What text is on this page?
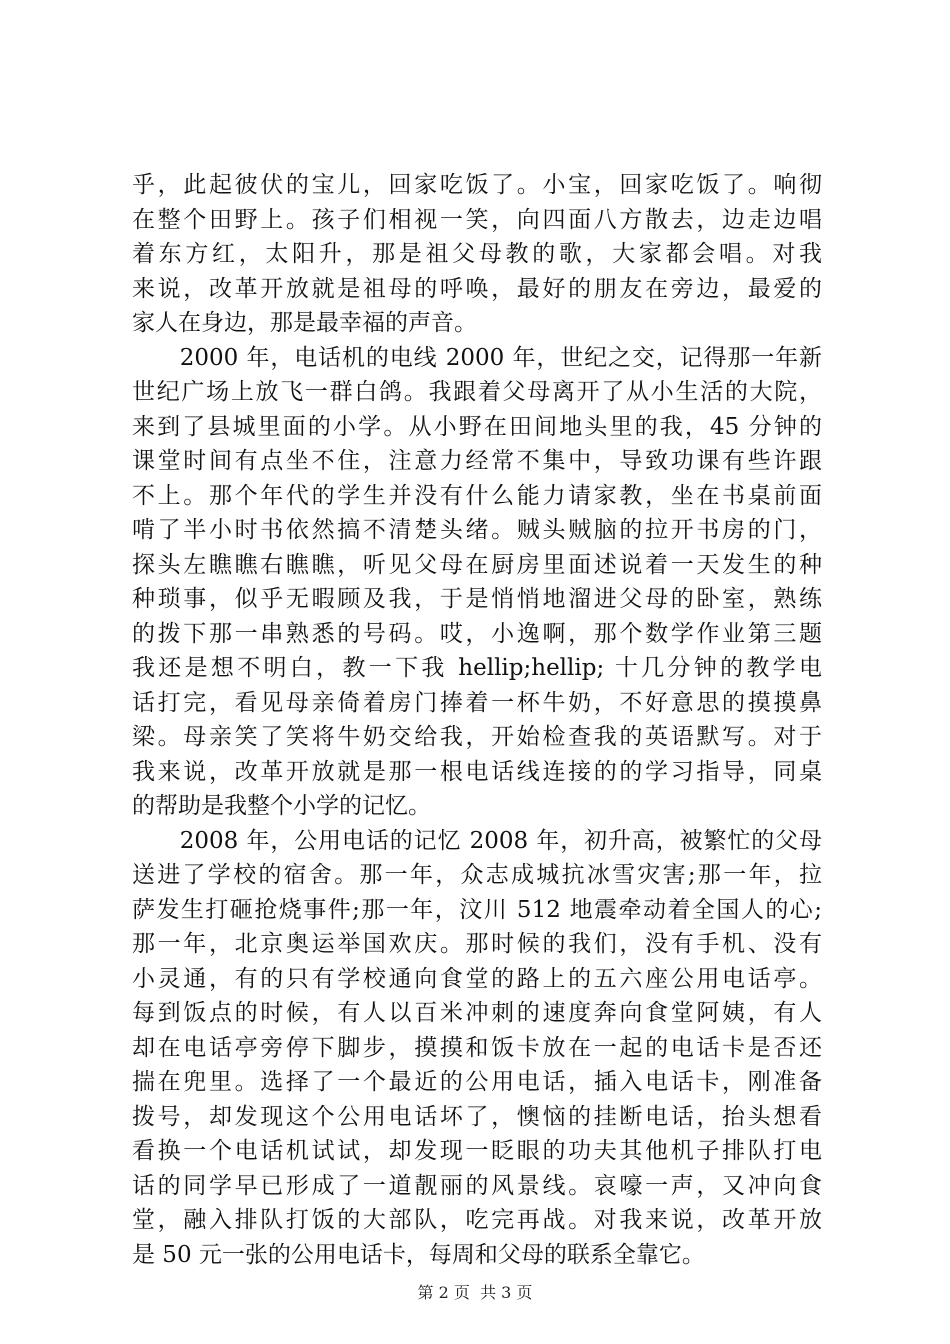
乎，此起彼伏的宝儿，回家吃饭了。小宝，回家吃饭了。响彻
在整个田野上。孩子们相视一笑，向四面八方散去，边走边唱
着东方红，太阳升，那是祖父母教的歌，大家都会唱。对我
来说，改革开放就是祖母的呼唤，最好的朋友在旁边，最爱的
家人在身边，那是最幸福的声音。
　　2000 年，电话机的电线 2000 年，世纪之交，记得那一年新
世纪广场上放飞一群白鸽。我跟着父母离开了从小生活的大院，
来到了县城里面的小学。从小野在田间地头里的我，45 分钟的
课堂时间有点坐不住，注意力经常不集中，导致功课有些许跟
不上。那个年代的学生并没有什么能力请家教，坐在书桌前面
啃了半小时书依然搞不清楚头绪。贼头贼脑的拉开书房的门，
探头左瞧瞧右瞧瞧，听见父母在厨房里面述说着一天发生的种
种琐事，似乎无暇顾及我，于是悄悄地溜进父母的卧室，熟练
的拨下那一串熟悉的号码。哎，小逸啊，那个数学作业第三题
我还是想不明白，教一下我 hellip;hellip; 十几分钟的教学电
话打完，看见母亲倚着房门捧着一杯牛奶，不好意思的摸摸鼻
梁。母亲笑了笑将牛奶交给我，开始检查我的英语默写。对于
我来说，改革开放就是那一根电话线连接的的学习指导，同桌
的帮助是我整个小学的记忆。
　　2008 年，公用电话的记忆 2008 年，初升高，被繁忙的父母
送进了学校的宿舍。那一年，众志成城抗冰雪灾害;那一年，拉
萨发生打砸抢烧事件;那一年，汶川 512 地震牵动着全国人的心;
那一年，北京奥运举国欢庆。那时候的我们，没有手机、没有
小灵通，有的只有学校通向食堂的路上的五六座公用电话亭。
每到饭点的时候，有人以百米冲刺的速度奔向食堂阿姨，有人
却在电话亭旁停下脚步，摸摸和饭卡放在一起的电话卡是否还
揣在兜里。选择了一个最近的公用电话，插入电话卡，刚准备
拨号，却发现这个公用电话坏了，懊恼的挂断电话，抬头想看
看换一个电话机试试，却发现一眨眼的功夫其他机子排队打电
话的同学早已形成了一道靓丽的风景线。哀嚎一声，又冲向食
堂，融入排队打饭的大部队，吃完再战。对我来说，改革开放
是 50 元一张的公用电话卡，每周和父母的联系全靠它。
第 2 页  共 3 页
